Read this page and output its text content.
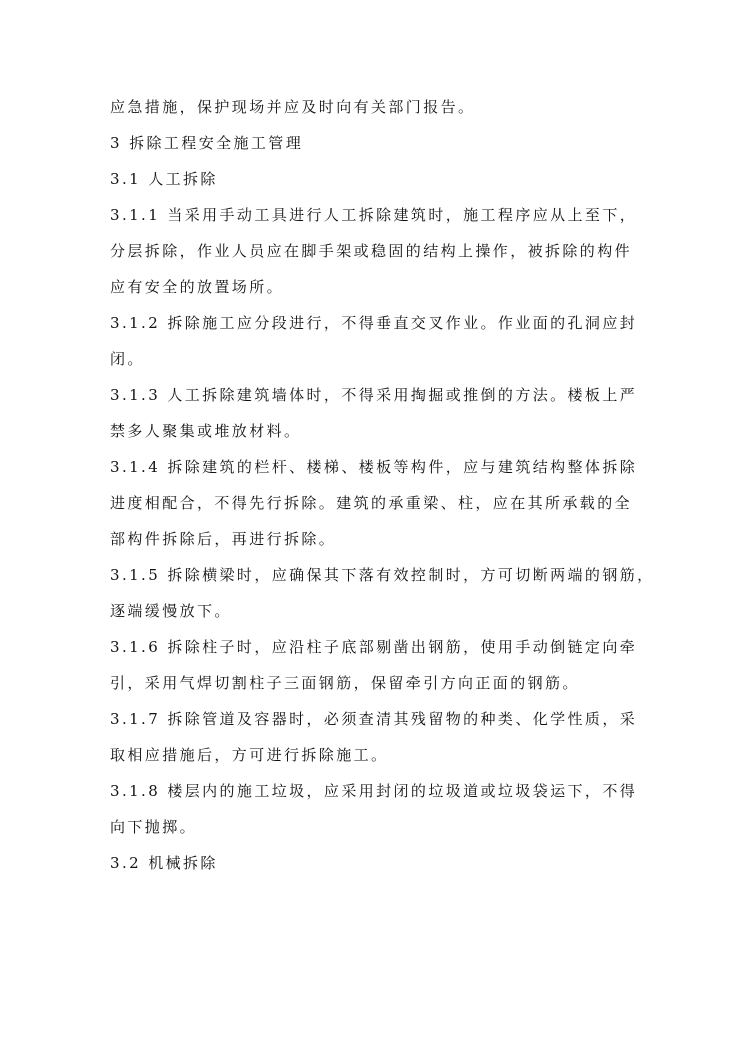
应急措施，保护现场并应及时向有关部门报告。
3 拆除工程安全施工管理
3.1 人工拆除
3.1.1 当采用手动工具进行人工拆除建筑时，施工程序应从上至下，
分层拆除，作业人员应在脚手架或稳固的结构上操作，被拆除的构件
应有安全的放置场所。
3.1.2 拆除施工应分段进行，不得垂直交叉作业。作业面的孔洞应封
闭。
3.1.3 人工拆除建筑墙体时，不得采用掏掘或推倒的方法。楼板上严
禁多人聚集或堆放材料。
3.1.4 拆除建筑的栏杆、楼梯、楼板等构件，应与建筑结构整体拆除
进度相配合，不得先行拆除。建筑的承重梁、柱，应在其所承载的全
部构件拆除后，再进行拆除。
3.1.5 拆除横梁时，应确保其下落有效控制时，方可切断两端的钢筋，
逐端缓慢放下。
3.1.6 拆除柱子时，应沿柱子底部剔凿出钢筋，使用手动倒链定向牵
引，采用气焊切割柱子三面钢筋，保留牵引方向正面的钢筋。
3.1.7 拆除管道及容器时，必须查清其残留物的种类、化学性质，采
取相应措施后，方可进行拆除施工。
3.1.8 楼层内的施工垃圾，应采用封闭的垃圾道或垃圾袋运下，不得
向下抛掷。
3.2 机械拆除
